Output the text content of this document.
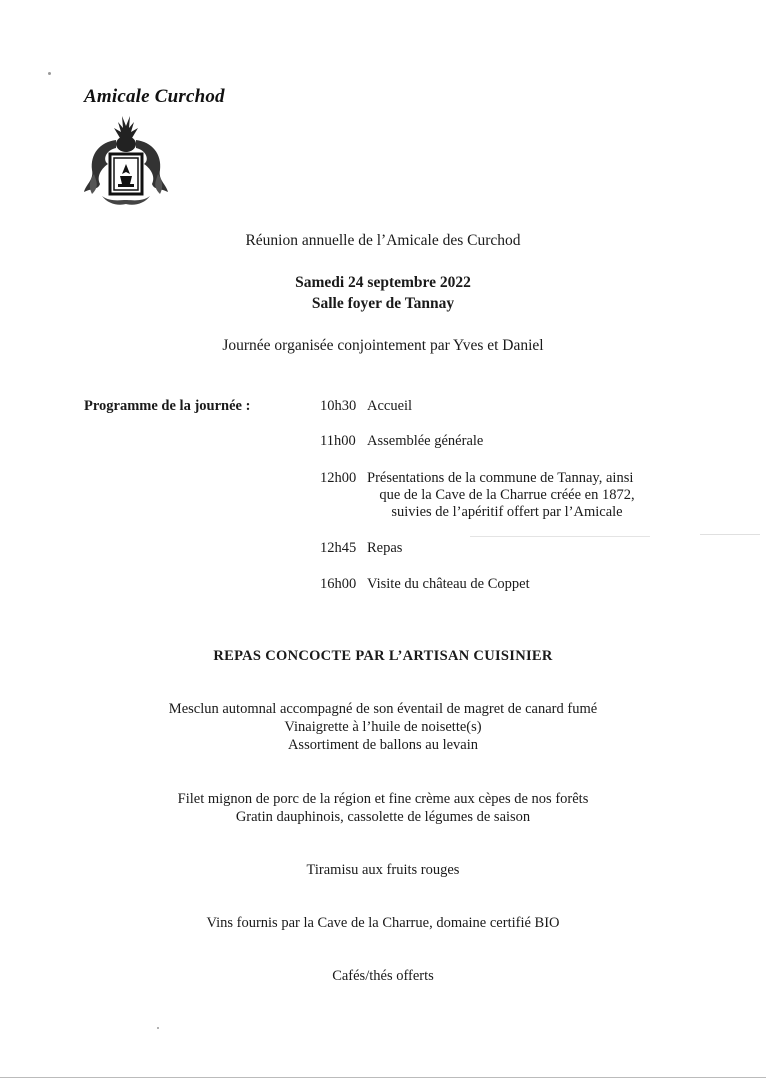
Amicale Curchod
Réunion annuelle de l’Amicale des Curchod
Samedi 24 septembre 2022
Salle foyer de Tannay
Journée organisée conjointement par Yves et Daniel
Programme de la journée :	10h30 Accueil
11h00 Assemblée générale
12h00 Présentations de la commune de Tannay, ainsi
que de la Cave de la Charrue créée en 1872,
suivies de l’apéritif offert par l’Amicale
12h45 Repas
16h00 Visite du château de Coppet
REPAS CONCOCTE PAR L’ARTISAN CUISINIER
Mesclun automnal accompagné de son éventail de magret de canard fumé
Vinaigrette à l’huile de noisette(s)
Assortiment de ballons au levain
Filet mignon de porc de la région et fine crème aux cèpes de nos forêts
Gratin dauphinois, cassolette de légumes de saison
Tiramisu aux fruits rouges
Vins fournis par la Cave de la Charrue, domaine certifié BIO
Cafés/thés offerts
